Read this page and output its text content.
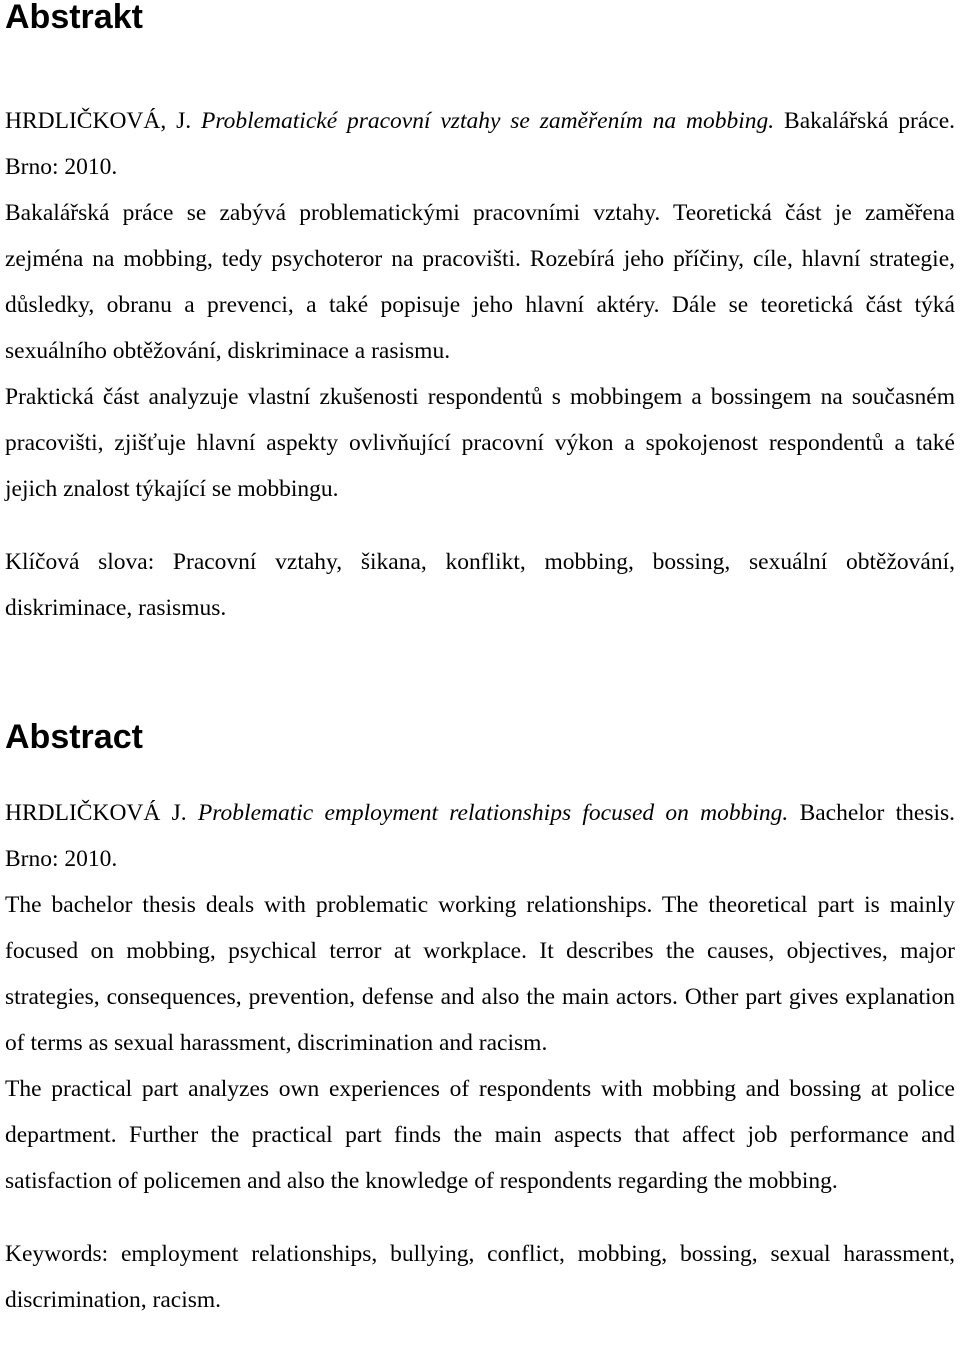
Abstrakt

HRDLIČKOVÁ, J. Problematické pracovní vztahy se zaměřením na mobbing. Bakalářská práce. Brno: 2010.

Bakalářská práce se zabývá problematickými pracovními vztahy. Teoretická část je zaměřena zejména na mobbing, tedy psychoteror na pracovišti. Rozebírá jeho příčiny, cíle, hlavní strategie, důsledky, obranu a prevenci, a také popisuje jeho hlavní aktéry. Dále se teoretická část týká sexuálního obtěžování, diskriminace a rasismu.

Praktická část analyzuje vlastní zkušenosti respondentů s mobbingem a bossingem na současném pracovišti, zjišťuje hlavní aspekty ovlivňující pracovní výkon a spokojenost respondentů a také jejich znalost týkající se mobbingu.

Klíčová slova: Pracovní vztahy, šikana, konflikt, mobbing, bossing, sexuální obtěžování, diskriminace, rasismus.

Abstract

HRDLIČKOVÁ J. Problematic employment relationships focused on mobbing. Bachelor thesis. Brno: 2010.

The bachelor thesis deals with problematic working relationships. The theoretical part is mainly focused on mobbing, psychical terror at workplace. It describes the causes, objectives, major strategies, consequences, prevention, defense and also the main actors. Other part gives explanation of terms as sexual harassment, discrimination and racism.

The practical part analyzes own experiences of respondents with mobbing and bossing at police department. Further the practical part finds the main aspects that affect job performance and satisfaction of policemen and also the knowledge of respondents regarding the mobbing.

Keywords: employment relationships, bullying, conflict, mobbing, bossing, sexual harassment, discrimination, racism.
